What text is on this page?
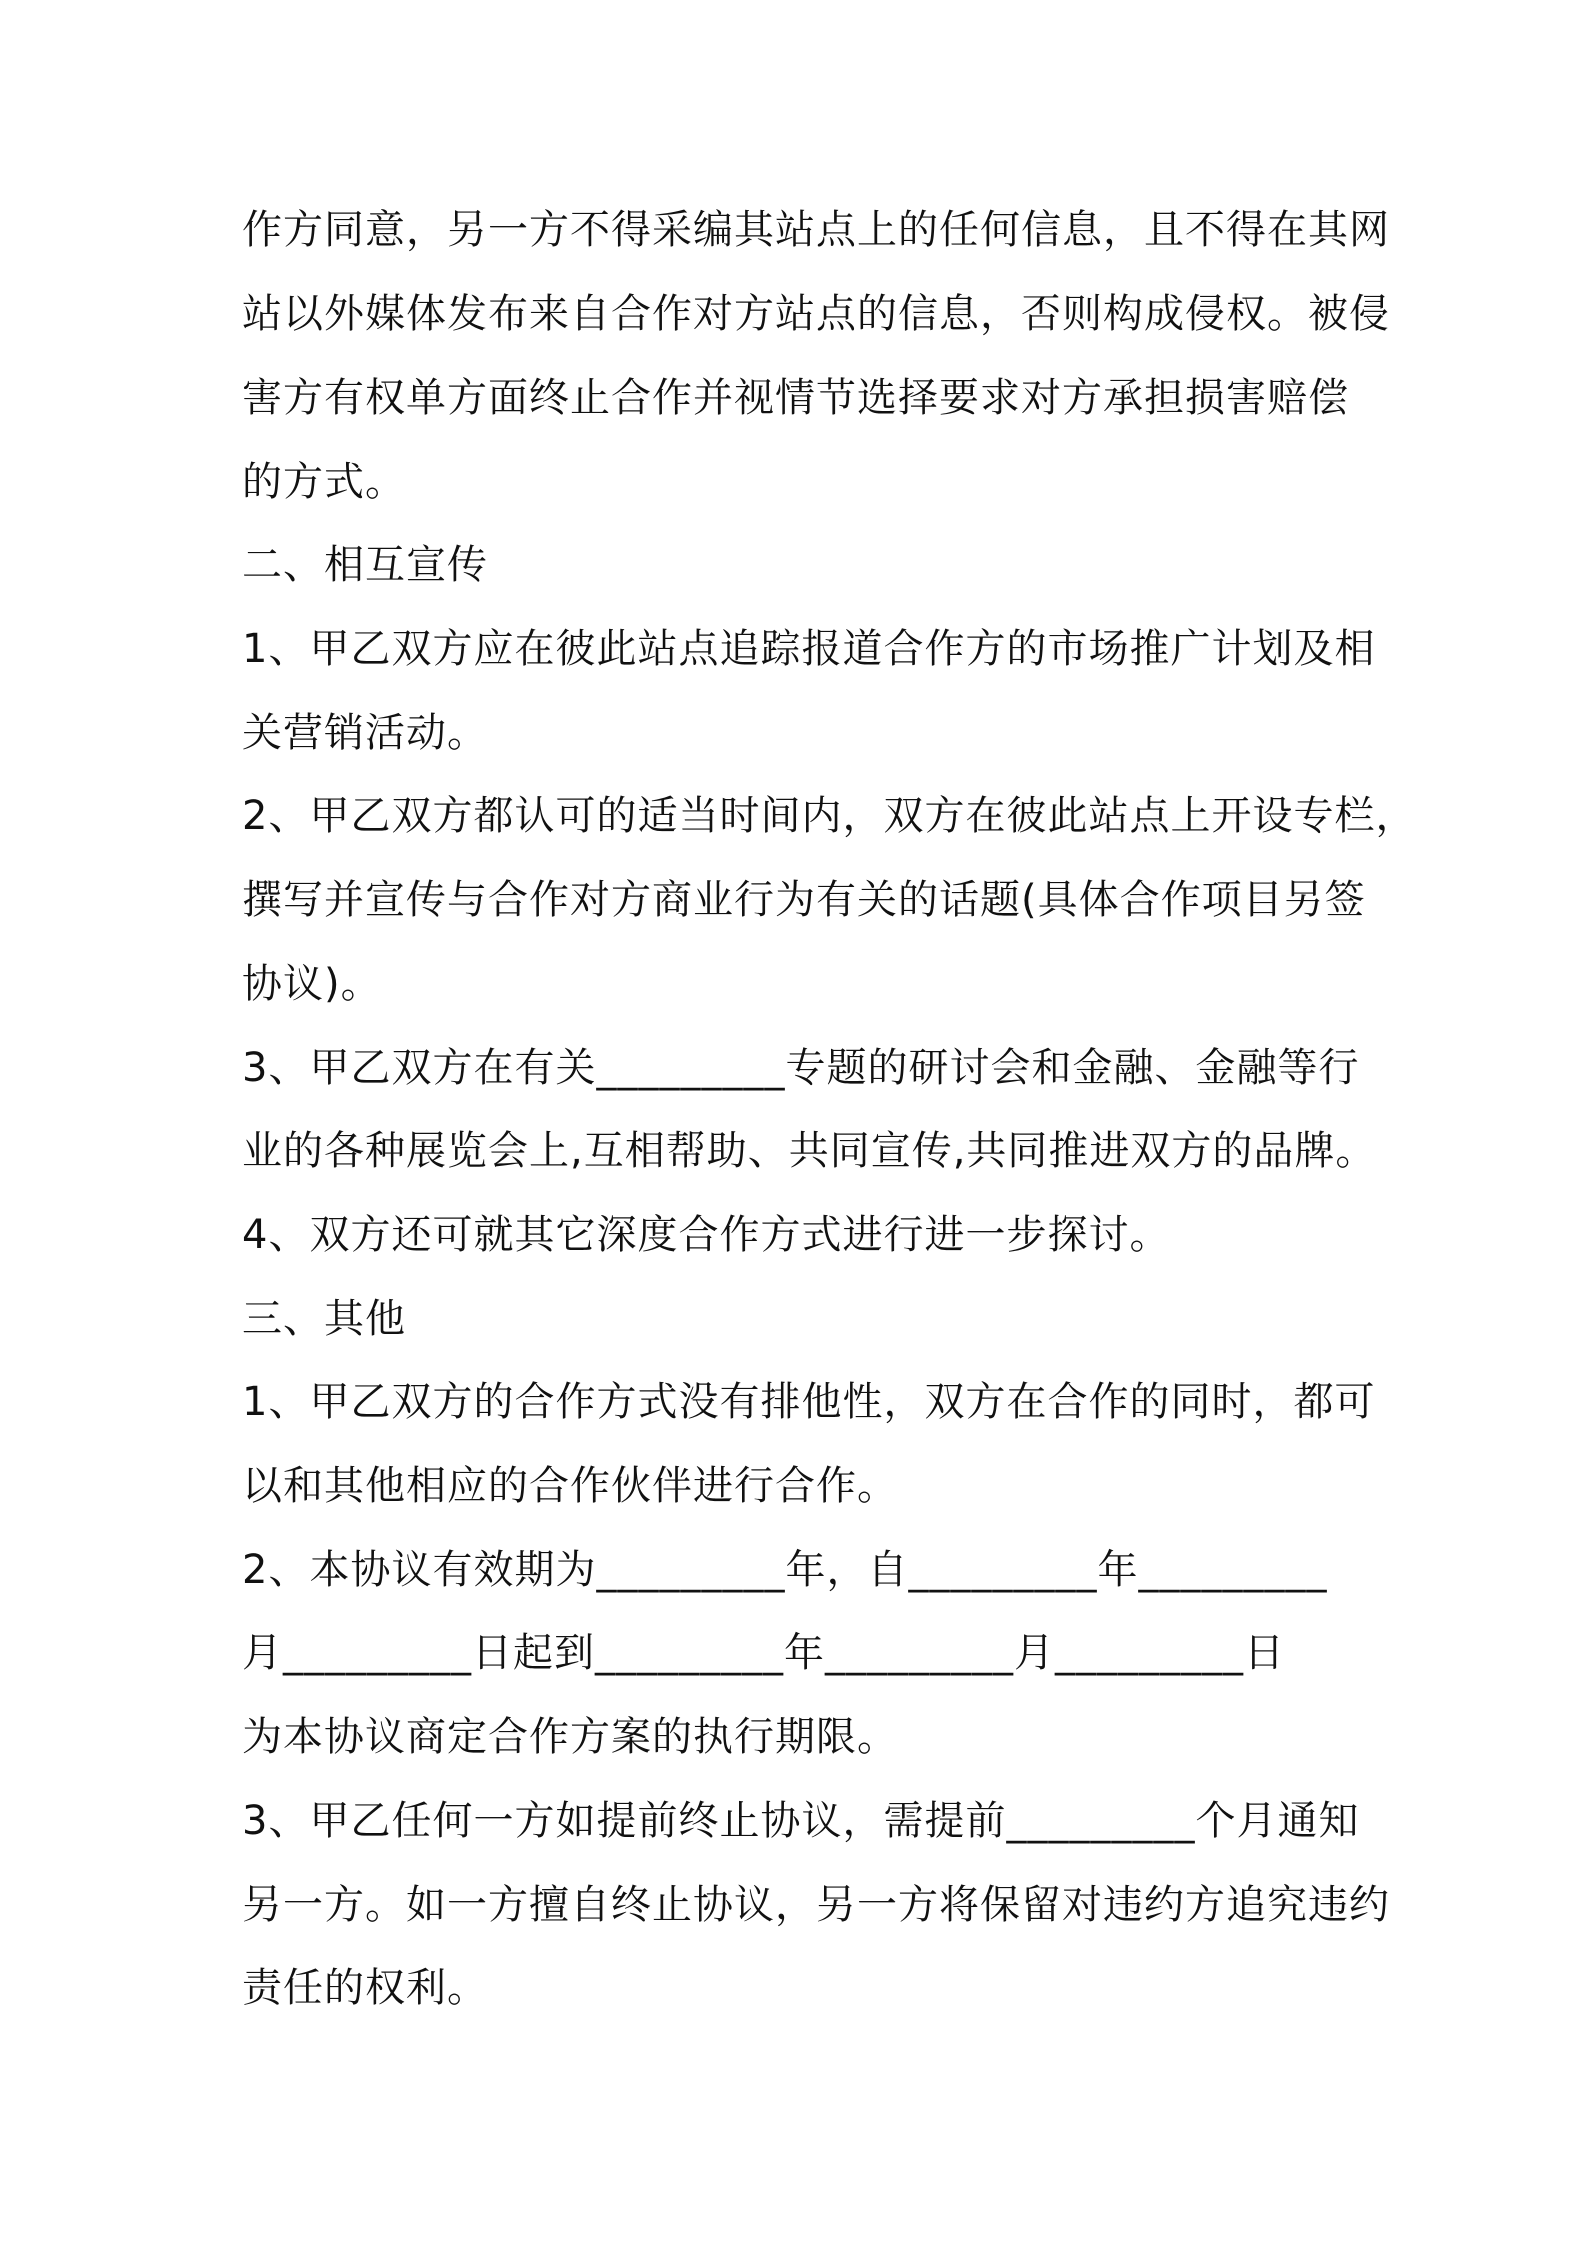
作方同意，另一方不得采编其站点上的任何信息，且不得在其网
站以外媒体发布来自合作对方站点的信息，否则构成侵权。被侵
害方有权单方面终止合作并视情节选择要求对方承担损害赔偿
的方式。
二、相互宣传
1、甲乙双方应在彼此站点追踪报道合作方的市场推广计划及相
关营销活动。
2、甲乙双方都认可的适当时间内，双方在彼此站点上开设专栏，
撰写并宣传与合作对方商业行为有关的话题(具体合作项目另签
协议)。
3、甲乙双方在有关_________专题的研讨会和金融、金融等行
业的各种展览会上,互相帮助、共同宣传,共同推进双方的品牌。
4、双方还可就其它深度合作方式进行进一步探讨。
三、其他
1、甲乙双方的合作方式没有排他性，双方在合作的同时，都可
以和其他相应的合作伙伴进行合作。
2、本协议有效期为_________年，自_________年_________
月_________日起到_________年_________月_________日
为本协议商定合作方案的执行期限。
3、甲乙任何一方如提前终止协议，需提前_________个月通知
另一方。如一方擅自终止协议，另一方将保留对违约方追究违约
责任的权利。
